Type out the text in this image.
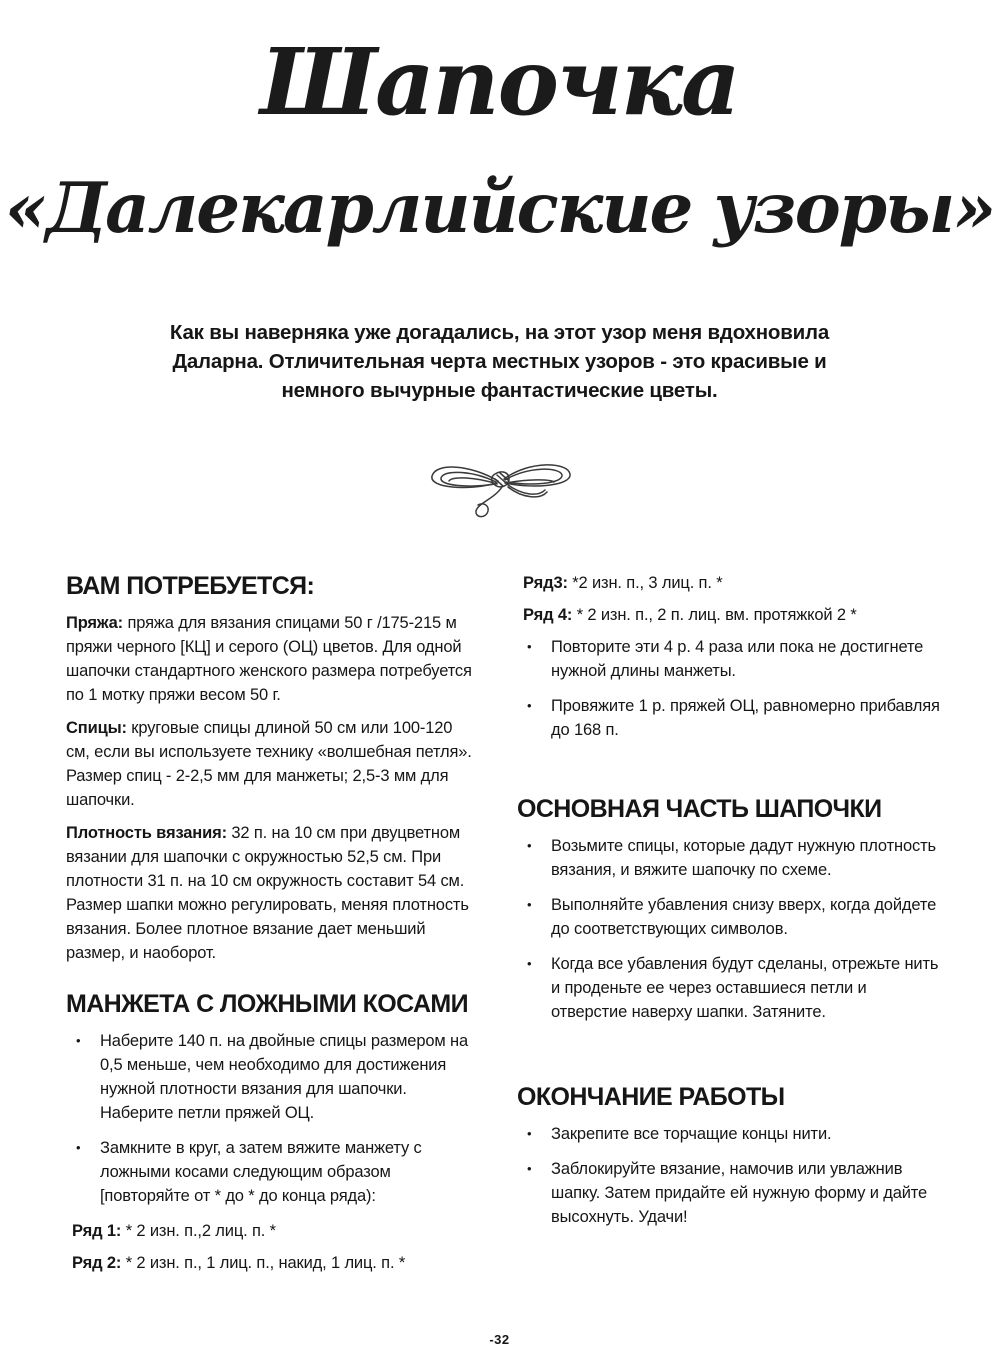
Шапочка
«Далекарлийские узоры»

Как вы наверняка уже догадались, на этот узор меня вдохновила Даларна. Отличительная черта местных узоров - это красивые и немного вычурные фантастические цветы.

ВАМ ПОТРЕБУЕТСЯ:

Пряжа: пряжа для вязания спицами 50 г /175-215 м пряжи черного [КЦ] и серого (ОЦ) цветов. Для одной шапочки стандартного женского размера потребуется по 1 мотку пряжи весом 50 г.

Спицы: круговые спицы длиной 50 см или 100-120 см, если вы используете технику «волшебная петля». Размер спиц - 2-2,5 мм для манжеты; 2,5-3 мм для шапочки.

Плотность вязания: 32 п. на 10 см при двуцветном вязании для шапочки с окружностью 52,5 см. При плотности 31 п. на 10 см окружность составит 54 см. Размер шапки можно регулировать, меняя плотность вязания. Более плотное вязание дает меньший размер, и наоборот.

МАНЖЕТА С ЛОЖНЫМИ КОСАМИ
•	Наберите 140 п. на двойные спицы размером на 0,5 меньше, чем необходимо для достижения нужной плотности вязания для шапочки. Наберите петли пряжей ОЦ.
•	Замкните в круг, а затем вяжите манжету с ложными косами следующим образом [повторяйте от * до * до конца ряда):

Ряд 1: * 2 изн. п.,2 лиц. п. *

Ряд 2: * 2 изн. п., 1 лиц. п., накид, 1 лиц. п. *

Ряд3: *2 изн. п., 3 лиц. п. *

Ряд 4: * 2 изн. п., 2 п. лиц. вм. протяжкой 2 *

•	Повторите эти 4 р. 4 раза или пока не достигнете нужной длины манжеты.
•	Провяжите 1 р. пряжей ОЦ, равномерно прибавляя до 168 п.
ОСНОВНАЯ ЧАСТЬ ШАПОЧКИ
•	Возьмите спицы, которые дадут нужную плотность вязания, и вяжите шапочку по схеме.
•	Выполняйте убавления снизу вверх, когда дойдете до соответствующих символов.
•	Когда все убавления будут сделаны, отрежьте нить и проденьте ее через оставшиеся петли и отверстие наверху шапки. Затяните.
ОКОНЧАНИЕ РАБОТЫ
•	Закрепите все торчащие концы нити.
•	Заблокируйте вязание, намочив или увлажнив шапку. Затем придайте ей нужную форму и дайте высохнуть. Удачи!
-32
